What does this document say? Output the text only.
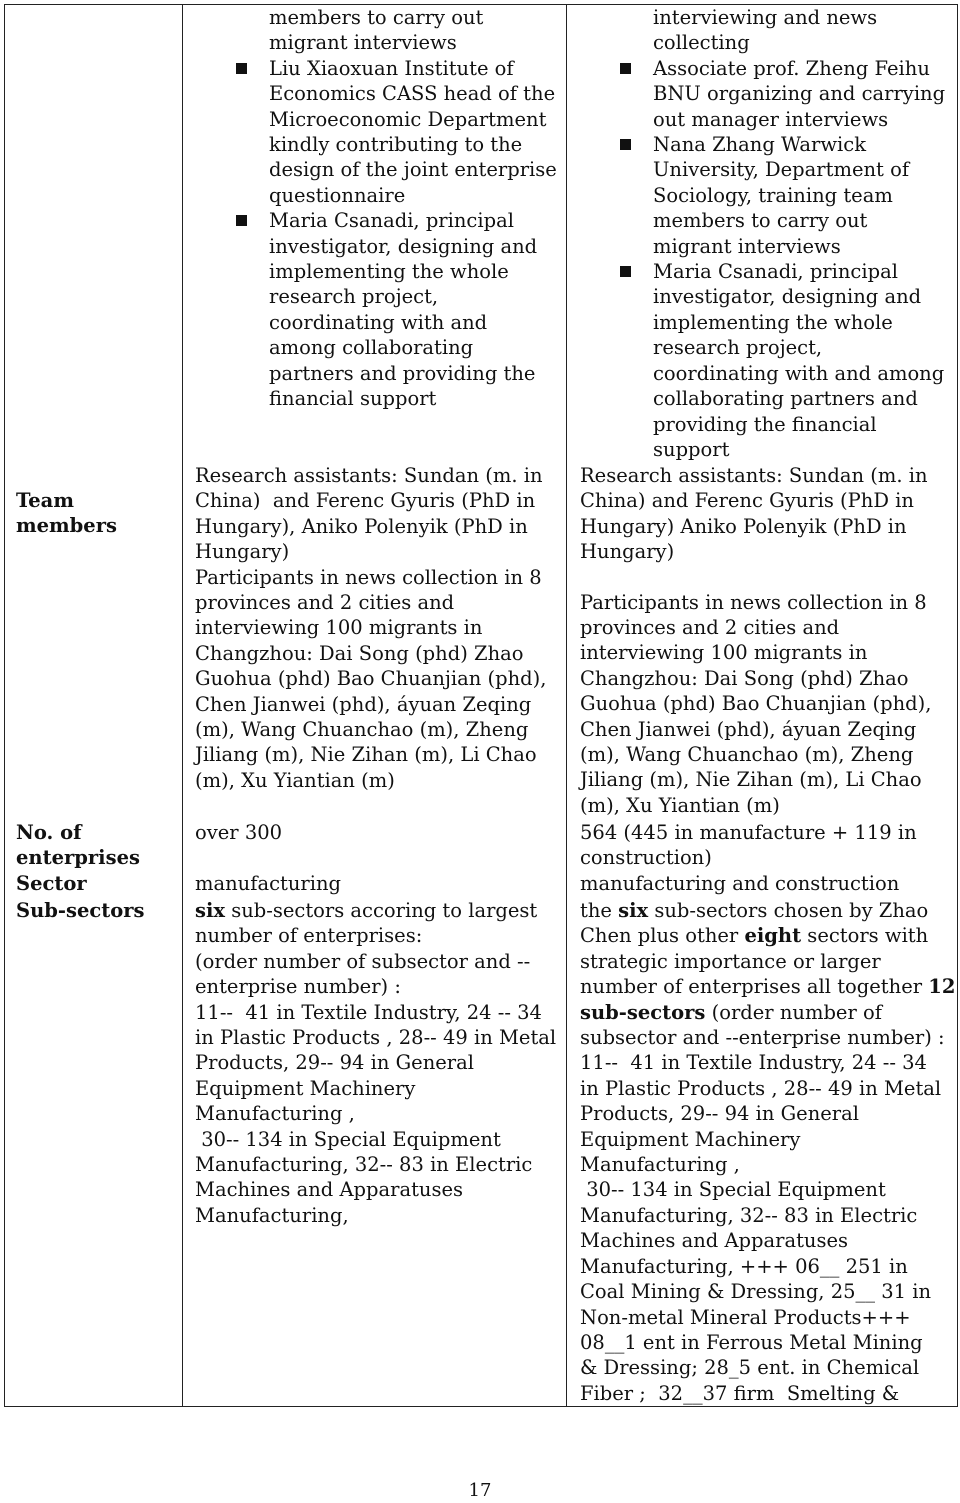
Team
members
No. of
enterprises
Sector
Sub-sectors
members to carry out
migrant interviews
Liu Xiaoxuan Institute of
Economics CASS head of the
Microeconomic Department
kindly contributing to the
design of the joint enterprise
questionnaire
Maria Csanadi, principal
investigator, designing and
implementing the whole
research project,
coordinating with and
among collaborating
partners and providing the
financial support
interviewing and news
collecting
Associate prof. Zheng Feihu
BNU organizing and carrying
out manager interviews
Nana Zhang Warwick
University, Department of
Sociology, training team
members to carry out
migrant interviews
Maria Csanadi, principal
investigator, designing and
implementing the whole
research project,
coordinating with and among
collaborating partners and
providing the financial
support
Research assistants: Sundan (m. in
China)  and Ferenc Gyuris (PhD in
Hungary), Aniko Polenyik (PhD in
Hungary)
Participants in news collection in 8
provinces and 2 cities and
interviewing 100 migrants in
Changzhou: Dai Song (phd) Zhao
Guohua (phd) Bao Chuanjian (phd),
Chen Jianwei (phd), áyuan Zeqing
(m), Wang Chuanchao (m), Zheng
Jiliang (m), Nie Zihan (m), Li Chao
(m), Xu Yiantian (m)
Research assistants: Sundan (m. in
China) and Ferenc Gyuris (PhD in
Hungary) Aniko Polenyik (PhD in
Hungary)
Participants in news collection in 8
provinces and 2 cities and
interviewing 100 migrants in
Changzhou: Dai Song (phd) Zhao
Guohua (phd) Bao Chuanjian (phd),
Chen Jianwei (phd), áyuan Zeqing
(m), Wang Chuanchao (m), Zheng
Jiliang (m), Nie Zihan (m), Li Chao
(m), Xu Yiantian (m)
over 300	564 (445 in manufacture + 119 in
construction)
manufacturing	manufacturing and construction
six sub-sectors accoring to largest
number of enterprises:
(order number of subsector and --
enterprise number) :
11--  41 in Textile Industry, 24 -- 34
in Plastic Products , 28-- 49 in Metal
Products, 29-- 94 in General
Equipment Machinery
Manufacturing ,
30-- 134 in Special Equipment
Manufacturing, 32-- 83 in Electric
Machines and Apparatuses
Manufacturing,
the six sub-sectors chosen by Zhao
Chen plus other eight sectors with
strategic importance or larger
number of enterprises all together 12
sub-sectors (order number of
subsector and --enterprise number) :
11--  41 in Textile Industry, 24 -- 34
in Plastic Products , 28-- 49 in Metal
Products, 29-- 94 in General
Equipment Machinery
Manufacturing ,
30-- 134 in Special Equipment
Manufacturing, 32-- 83 in Electric
Machines and Apparatuses
Manufacturing, +++ 06__ 251 in
Coal Mining & Dressing, 25__ 31 in
Non-metal Mineral Products+++
08__1 ent in Ferrous Metal Mining
& Dressing; 28_5 ent. in Chemical
Fiber ;  32__37 firm  Smelting &
17
